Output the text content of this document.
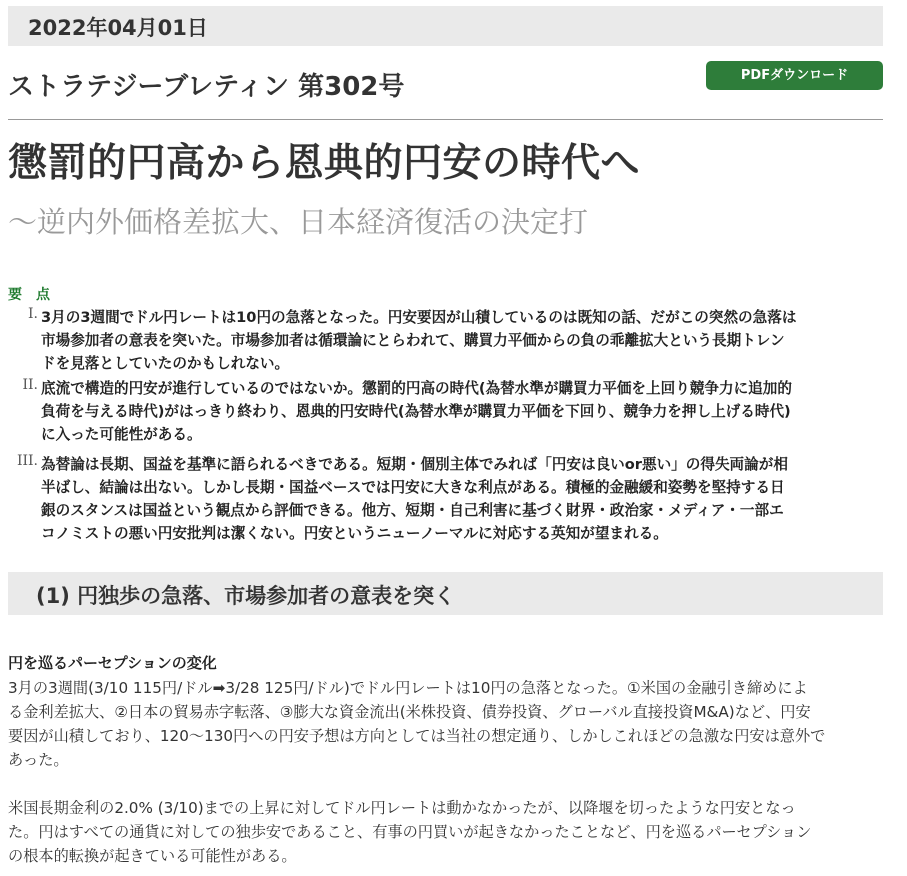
2022年04月01日
ストラテジーブレティン 第302号	PDFダウンロード
懲罰的円高から恩典的円安の時代へ
～逆内外価格差拡大、日本経済復活の決定打
要点
I. 3月の3週間でドル円レートは10円の急落となった。円安要因が山積しているのは既知の話、だがこの突然の急落は
市場参加者の意表を突いた。市場参加者は循環論にとらわれて、購買力平価からの負の乖離拡大という長期トレン
ドを見落としていたのかもしれない。
II. 底流で構造的円安が進行しているのではないか。懲罰的円高の時代(為替水準が購買力平価を上回り競争力に追加的
負荷を与える時代)がはっきり終わり、恩典的円安時代(為替水準が購買力平価を下回り、競争力を押し上げる時代)
に入った可能性がある。
III. 為替論は長期、国益を基準に語られるべきである。短期・個別主体でみれば「円安は良いor悪い」の得失両論が相
半ばし、結論は出ない。しかし長期・国益ベースでは円安に大きな利点がある。積極的金融緩和姿勢を堅持する日
銀のスタンスは国益という観点から評価できる。他方、短期・自己利害に基づく財界・政治家・メディア・一部エ
コノミストの悪い円安批判は潔くない。円安というニューノーマルに対応する英知が望まれる。
(1) 円独歩の急落、市場参加者の意表を突く
円を巡るパーセプションの変化
3月の3週間(3/10 115円/ドル➡3/28 125円/ドル)でドル円レートは10円の急落となった。①米国の金融引き締めによ
る金利差拡大、②日本の貿易赤字転落、③膨大な資金流出(米株投資、債券投資、グローバル直接投資M&A)など、円安
要因が山積しており、120～130円への円安予想は方向としては当社の想定通り、しかしこれほどの急激な円安は意外で
あった。
米国長期金利の2.0% (3/10)までの上昇に対してドル円レートは動かなかったが、以降堰を切ったような円安となっ
た。円はすべての通貨に対しての独歩安であること、有事の円買いが起きなかったことなど、円を巡るパーセプション
の根本的転換が起きている可能性がある。
